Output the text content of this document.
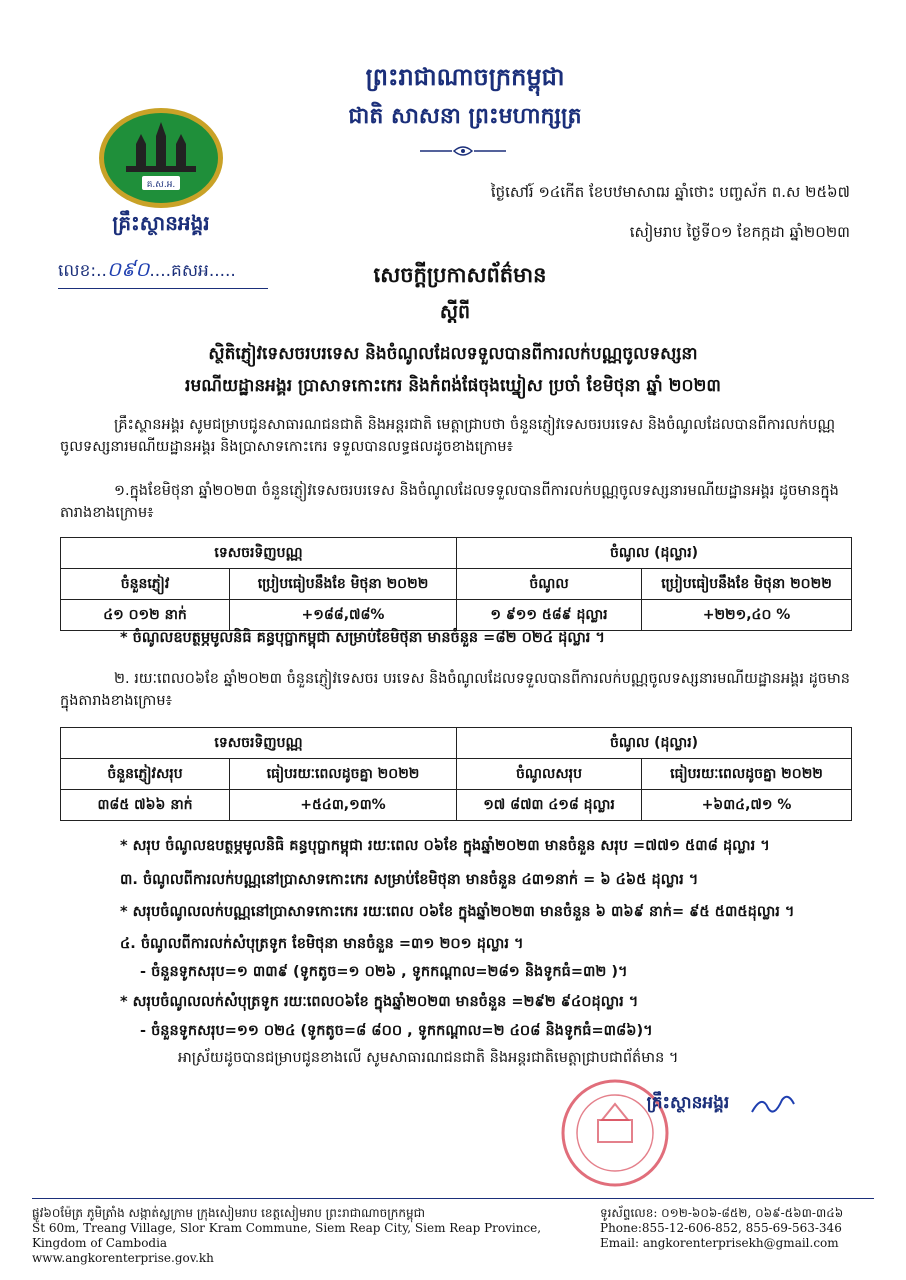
ព្រះរាជាណាចក្រកម្ពុជា
ជាតិ សាសនា ព្រះមហាក្សត្រ
គ.ស.អ.
គ្រឹះស្ថានអង្គរ
លេខ:..០៩០....គសអ.....
ថ្ងៃសៅរ៍ ១៤កើត ខែបឋមាសាឍ ឆ្នាំថោះ បញ្ចស័ក ព.ស ២៥៦៧
សៀមរាប ថ្ងៃទី០១ ខែកក្កដា ឆ្នាំ២០២៣
សេចក្តីប្រកាសព័ត៌មាន
ស្តីពី
ស្ថិតិភ្ញៀវទេសចរបរទេស និងចំណូលដែលទទួលបានពីការលក់បណ្ណចូលទស្សនា
រមណីយដ្ឋានអង្គរ ប្រាសាទកោះកេរ និងកំពង់ផែចុងឃ្នៀស ប្រចាំ ខែមិថុនា ឆ្នាំ ២០២៣
គ្រឹះស្ថានអង្គរ សូមជម្រាបជូនសាធារណជនជាតិ និងអន្តរជាតិ មេត្តាជ្រាបថា ចំនួនភ្ញៀវទេសចរបរទេស និងចំណូលដែលបានពីការលក់បណ្ណចូលទស្សនារមណីយដ្ឋានអង្គរ និងប្រាសាទកោះកេរ ទទួលបានលទ្ធផលដូចខាងក្រោម៖
១.ក្នុងខែមិថុនា ឆ្នាំ២០២៣ ចំនួនភ្ញៀវទេសចរបរទេស និងចំណូលដែលទទួលបានពីការលក់បណ្ណចូលទស្សនារមណីយដ្ឋានអង្គរ ដូចមានក្នុងតារាងខាងក្រោម៖
ទេសចរទិញបណ្ណ		ចំណូល (ដុល្លារ)	
ចំនួនភ្ញៀវ	ប្រៀបធៀបនឹងខែ មិថុនា ២០២២	ចំណូល	ប្រៀបធៀបនឹងខែ មិថុនា ២០២២
៤១ ០១២ នាក់	+១៨៨,៧៨%	១ ៩១១ ៥៨៩ ដុល្លារ	+២២១,៤០ %
* ចំណូលឧបត្ថម្ភមូលនិធិ គន្ធបុប្ផាកម្ពុជា សម្រាប់ខែមិថុនា មានចំនួន =៨២ ០២៤ ដុល្លារ ។
២. រយៈពេល០៦ខែ ឆ្នាំ២០២៣ ចំនួនភ្ញៀវទេសចរ បរទេស និងចំណូលដែលទទួលបានពីការលក់បណ្ណចូលទស្សនារមណីយដ្ឋានអង្គរ ដូចមានក្នុងតារាងខាងក្រោម៖
ទេសចរទិញបណ្ណ		ចំណូល (ដុល្លារ)	
ចំនួនភ្ញៀវសរុប	ធៀបរយៈពេលដូចគ្នា ២០២២	ចំណូលសរុប	ធៀបរយៈពេលដូចគ្នា ២០២២
៣៨៥ ៧៦៦ នាក់	+៥៤៣,១៣%	១៧ ៨៧៣ ៤១៨ ដុល្លារ	+៦៣៤,៧១ %
* សរុប ចំណូលឧបត្ថម្ភមូលនិធិ គន្ធបុប្ផាកម្ពុជា រយៈពេល ០៦ខែ ក្នុងឆ្នាំ២០២៣ មានចំនួន សរុប =៧៧១ ៥៣៨ ដុល្លារ ។
៣. ចំណូលពីការលក់បណ្ណនៅប្រាសាទកោះកេរ សម្រាប់ខែមិថុនា មានចំនួន ៤៣១នាក់ = ៦ ៤៦៥ ដុល្លារ ។
* សរុបចំណូលលក់បណ្ណនៅប្រាសាទកោះកេរ រយៈពេល ០៦ខែ ក្នុងឆ្នាំ២០២៣ មានចំនួន ៦ ៣៦៩ នាក់= ៩៥ ៥៣៥ដុល្លារ ។
៤. ចំណូលពីការលក់សំបុត្រទូក ខែមិថុនា មានចំនួន =៣១ ២០១ ដុល្លារ ។
- ចំនួនទូកសរុប=១ ៣៣៩ (ទូកតូច=១ ០២៦ , ទូកកណ្តាល=២៨១ និងទូកធំ=៣២ )។
* សរុបចំណូលលក់សំបុត្រទូក រយៈពេល០៦ខែ ក្នុងឆ្នាំ២០២៣ មានចំនួន =២៩២ ៩៤០ដុល្លារ ។
- ចំនួនទូកសរុប=១១ ០២៤ (ទូកតូច=៨ ៨០០ , ទូកកណ្តាល=២ ៤០៨ និងទូកធំ=៣៨៦)។
អាស្រ័យដូចបានជម្រាបជូនខាងលើ សូមសាធារណជនជាតិ និងអន្តរជាតិមេត្តាជ្រាបជាព័ត៌មាន ។
គ្រឹះស្ថានអង្គរ
ផ្លូវ៦០ម៉ែត្រ ភូមិត្រាំង សង្កាត់ស្លក្រាម ក្រុងសៀមរាប ខេត្តសៀមរាប ព្រះរាជាណាចក្រកម្ពុជា
St 60m, Treang Village, Slor Kram Commune, Siem Reap City, Siem Reap Province, Kingdom of Cambodia
www.angkorenterprise.gov.kh
ទូរស័ព្ទលេខ: ០១២-៦០៦-៨៥២, ០៦៩-៥៦៣-៣៤៦
Phone:855-12-606-852, 855-69-563-346
Email: angkorenterprisekh@gmail.com
